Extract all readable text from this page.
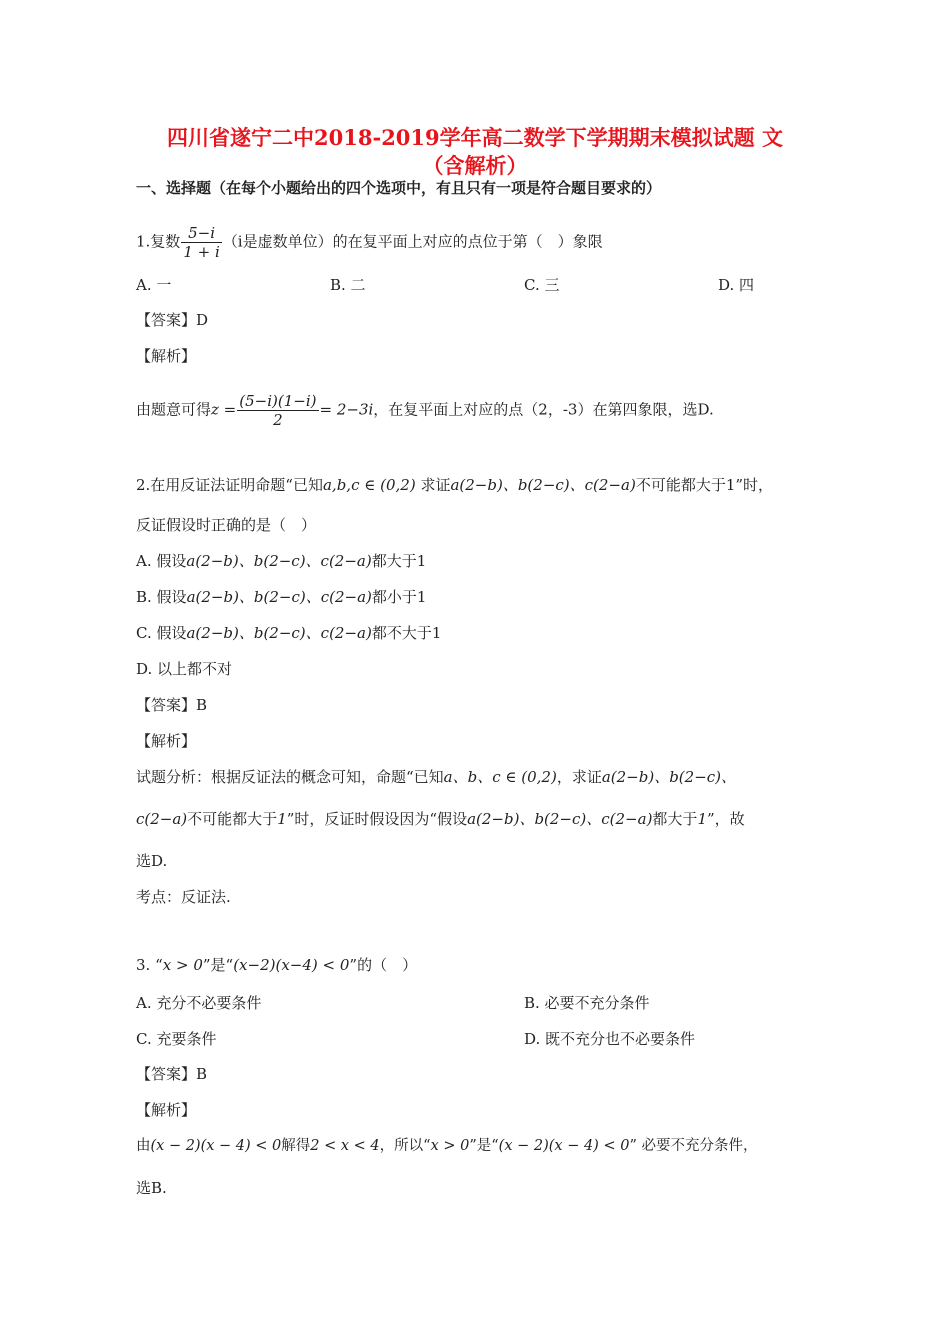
四川省遂宁二中2018-2019学年高二数学下学期期末模拟试题 文
（含解析）
一、选择题（在每个小题给出的四个选项中，有且只有一项是符合题目要求的）
1.复数 $\frac{5-i}{1 + i} (i$是虚数单位）的在复平面上对应的点位于第（　）象限
A. 一	B. 二	C. 三	D. 四
【答案】D
【解析】
由题意可得$z = \frac{(5-i)(1-i)}{2} = 2-3i$，在复平面上对应的点（2，-3）在第四象限，选D.
2.在用反证法证明命题“已知a,b,c ∈ (0,2) 求证a(2−b)、b(2−c)、c(2−a)不可能都大于1”时，
反证假设时正确的是（　）
A. 假设a(2−b)、b(2−c)、c(2−a)都大于1
B. 假设a(2−b)、b(2−c)、c(2−a)都小于1
C. 假设a(2−b)、b(2−c)、c(2−a)都不大于1
D. 以上都不对
【答案】B
【解析】
试题分析：根据反证法的概念可知，命题“已知a、b、c ∈ (0,2)，求证a(2−b)、b(2−c)、
c(2−a)不可能都大于1”时，反证时假设因为“假设a(2−b)、b(2−c)、c(2−a)都大于1”，故
选D.
考点：反证法.
3. “x > 0”是“(x−2)(x−4) < 0”的（　）
A. 充分不必要条件	B. 必要不充分条件
C. 充要条件	D. 既不充分也不必要条件
【答案】B
【解析】
由(x − 2)(x − 4) < 0解得2 < x < 4，所以“x > 0”是“(x − 2)(x − 4) < 0” 必要不充分条件，
选B.
